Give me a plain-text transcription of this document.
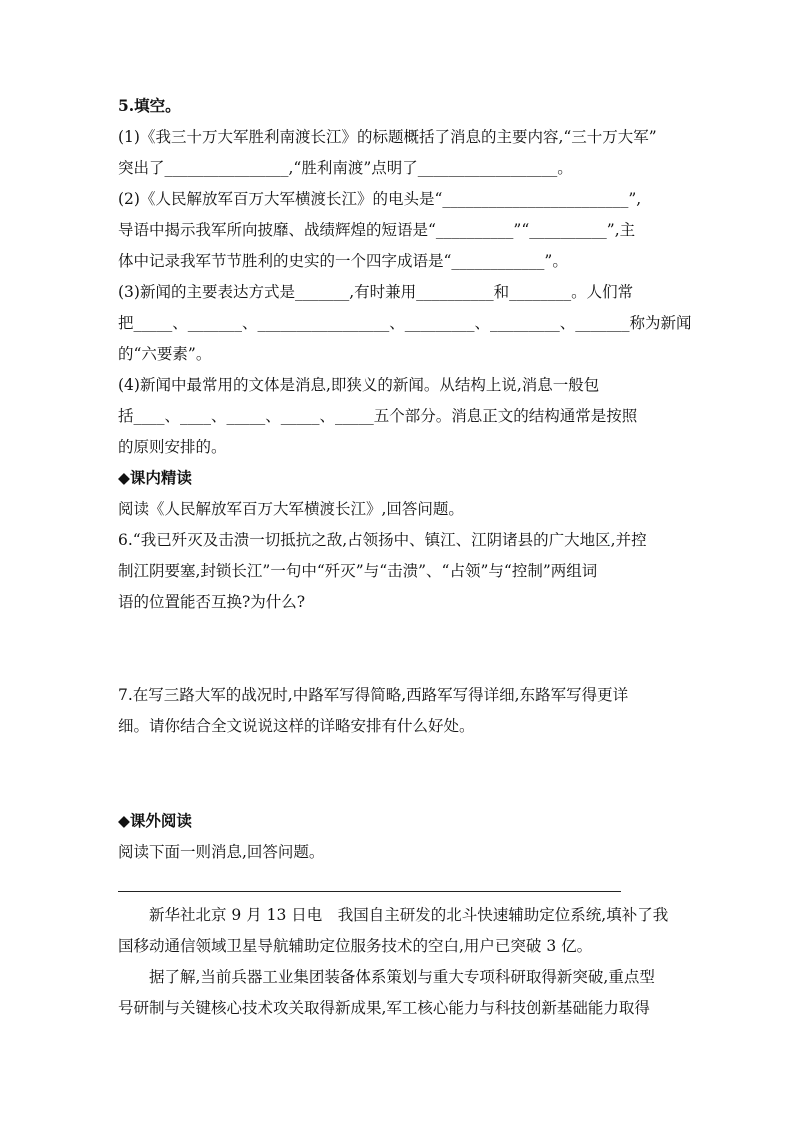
5.填空。
(1)《我三十万大军胜利南渡长江》的标题概括了消息的主要内容,“三十万大军”
突出了________________,“胜利南渡”点明了__________________。
(2)《人民解放军百万大军横渡长江》的电头是“________________________”,
导语中揭示我军所向披靡、战绩辉煌的短语是“__________”“__________”,主
体中记录我军节节胜利的史实的一个四字成语是“____________”。
(3)新闻的主要表达方式是_______,有时兼用__________和________。人们常
把_____、_______、_________________、_________、_________、_______称为新闻
的“六要素”。
(4)新闻中最常用的文体是消息,即狭义的新闻。从结构上说,消息一般包
括____、____、_____、_____、_____五个部分。消息正文的结构通常是按照
的原则安排的。
◆课内精读
阅读《人民解放军百万大军横渡长江》,回答问题。
6.“我已歼灭及击溃一切抵抗之敌,占领扬中、镇江、江阴诸县的广大地区,并控
制江阴要塞,封锁长江”一句中“歼灭”与“击溃”、“占领”与“控制”两组词
语的位置能否互换?为什么?
7.在写三路大军的战况时,中路军写得简略,西路军写得详细,东路军写得更详
细。请你结合全文说说这样的详略安排有什么好处。
◆课外阅读
阅读下面一则消息,回答问题。
新华社北京 9 月 13 日电　我国自主研发的北斗快速辅助定位系统,填补了我
国移动通信领域卫星导航辅助定位服务技术的空白,用户已突破 3 亿。
据了解,当前兵器工业集团装备体系策划与重大专项科研取得新突破,重点型
号研制与关键核心技术攻关取得新成果,军工核心能力与科技创新基础能力取得
